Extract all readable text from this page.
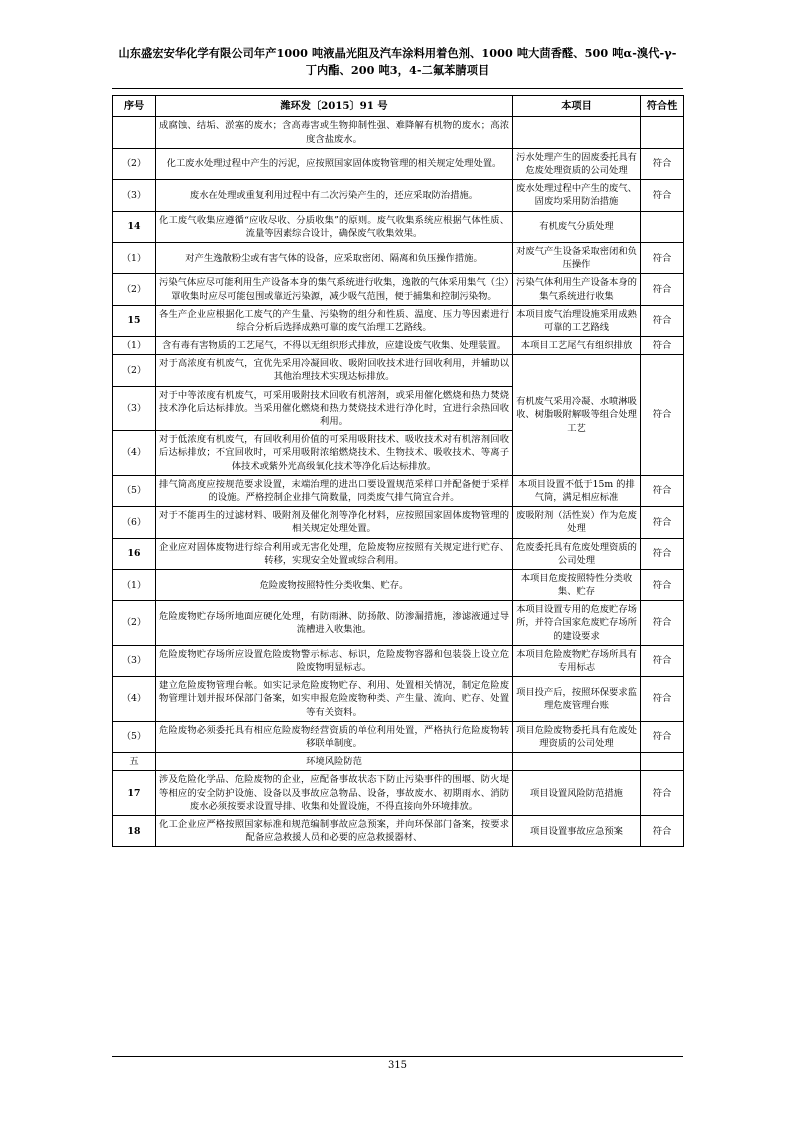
山东盛宏安华化学有限公司年产1000 吨液晶光阻及汽车涂料用着色剂、1000 吨大茴香醛、500 吨α-溴代-γ-
丁内酯、200 吨3，4-二氟苯腈项目
序号	潍环发〔2015〕91 号	本项目	符合性
	成腐蚀、结垢、淤塞的废水；含高毒害或生物抑制性强、难降解有机物的废水；高浓度含盐废水。		
（2）	化工废水处理过程中产生的污泥，应按照国家固体废物管理的相关规定处理处置。	污水处理产生的固废委托具有危废处理资质的公司处理	符合
（3）	废水在处理或重复利用过程中有二次污染产生的，还应采取防治措施。	废水处理过程中产生的废气、固废均采用防治措施	符合
14	化工废气收集应遵循“应收尽收、分质收集”的原则。废气收集系统应根据气体性质、流量等因素综合设计，确保废气收集效果。	有机废气分质处理	
（1）	对产生逸散粉尘或有害气体的设备，应采取密闭、隔离和负压操作措施。	对废气产生设备采取密闭和负压操作	符合
（2）	污染气体应尽可能利用生产设备本身的集气系统进行收集，逸散的气体采用集气（尘）罩收集时应尽可能包围或靠近污染源，减少吸气范围，便于捕集和控制污染物。	污染气体利用生产设备本身的集气系统进行收集	符合
15	各生产企业应根据化工废气的产生量、污染物的组分和性质、温度、压力等因素进行综合分析后选择成熟可靠的废气治理工艺路线。	本项目废气治理设施采用成熟可靠的工艺路线	符合
（1）	含有毒有害物质的工艺尾气，不得以无组织形式排放，应建设废气收集、处理装置。	本项目工艺尾气有组织排放	符合
（2）	对于高浓度有机废气，宜优先采用冷凝回收、吸附回收技术进行回收利用，并辅助以其他治理技术实现达标排放。	有机废气采用冷凝、水喷淋吸收、树脂吸附解吸等组合处理工艺	符合
（3）	对于中等浓度有机废气，可采用吸附技术回收有机溶剂，或采用催化燃烧和热力焚烧技术净化后达标排放。当采用催化燃烧和热力焚烧技术进行净化时，宜进行余热回收利用。		
（4）	对于低浓度有机废气，有回收利用价值的可采用吸附技术、吸收技术对有机溶剂回收后达标排放；不宜回收时，可采用吸附浓缩燃烧技术、生物技术、吸收技术、等离子体技术或紫外光高级氧化技术等净化后达标排放。		
（5）	排气筒高度应按规范要求设置，末端治理的进出口要设置规范采样口并配备便于采样的设施。严格控制企业排气筒数量，同类废气排气筒宜合并。	本项目设置不低于15m 的排气筒，满足相应标准	符合
（6）	对于不能再生的过滤材料、吸附剂及催化剂等净化材料，应按照国家固体废物管理的相关规定处理处置。	废吸附剂（活性炭）作为危废处理	符合
16	企业应对固体废物进行综合利用或无害化处理，危险废物应按照有关规定进行贮存、转移，实现安全处置或综合利用。	危废委托具有危废处理资质的公司处理	符合
（1）	危险废物按照特性分类收集、贮存。	本项目危废按照特性分类收集、贮存	符合
（2）	危险废物贮存场所地面应硬化处理，有防雨淋、防扬散、防渗漏措施，渗滤液通过导流槽进入收集池。	本项目设置专用的危废贮存场所，并符合国家危废贮存场所的建设要求	符合
（3）	危险废物贮存场所应设置危险废物警示标志、标识，危险废物容器和包装袋上设立危险废物明显标志。	本项目危险废物贮存场所具有专用标志	符合
（4）	建立危险废物管理台帐。如实记录危险废物贮存、利用、处置相关情况，制定危险废物管理计划并报环保部门备案，如实申报危险废物种类、产生量、流向、贮存、处置等有关资料。	项目投产后，按照环保要求监理危废管理台账	符合
（5）	危险废物必须委托具有相应危险废物经营资质的单位利用处置，严格执行危险废物转移联单制度。	项目危险废物委托具有危废处理资质的公司处理	符合
五	环境风险防范		
17	涉及危险化学品、危险废物的企业，应配备事故状态下防止污染事件的围堰、防火堤等相应的安全防护设施、设备以及事故应急物品、设备，事故废水、初期雨水、消防废水必须按要求设置导排、收集和处置设施，不得直接向外环境排放。	项目设置风险防范措施	符合
18	化工企业应严格按照国家标准和规范编制事故应急预案，并向环保部门备案，按要求配备应急救援人员和必要的应急救援器材、	项目设置事故应急预案	符合
315
